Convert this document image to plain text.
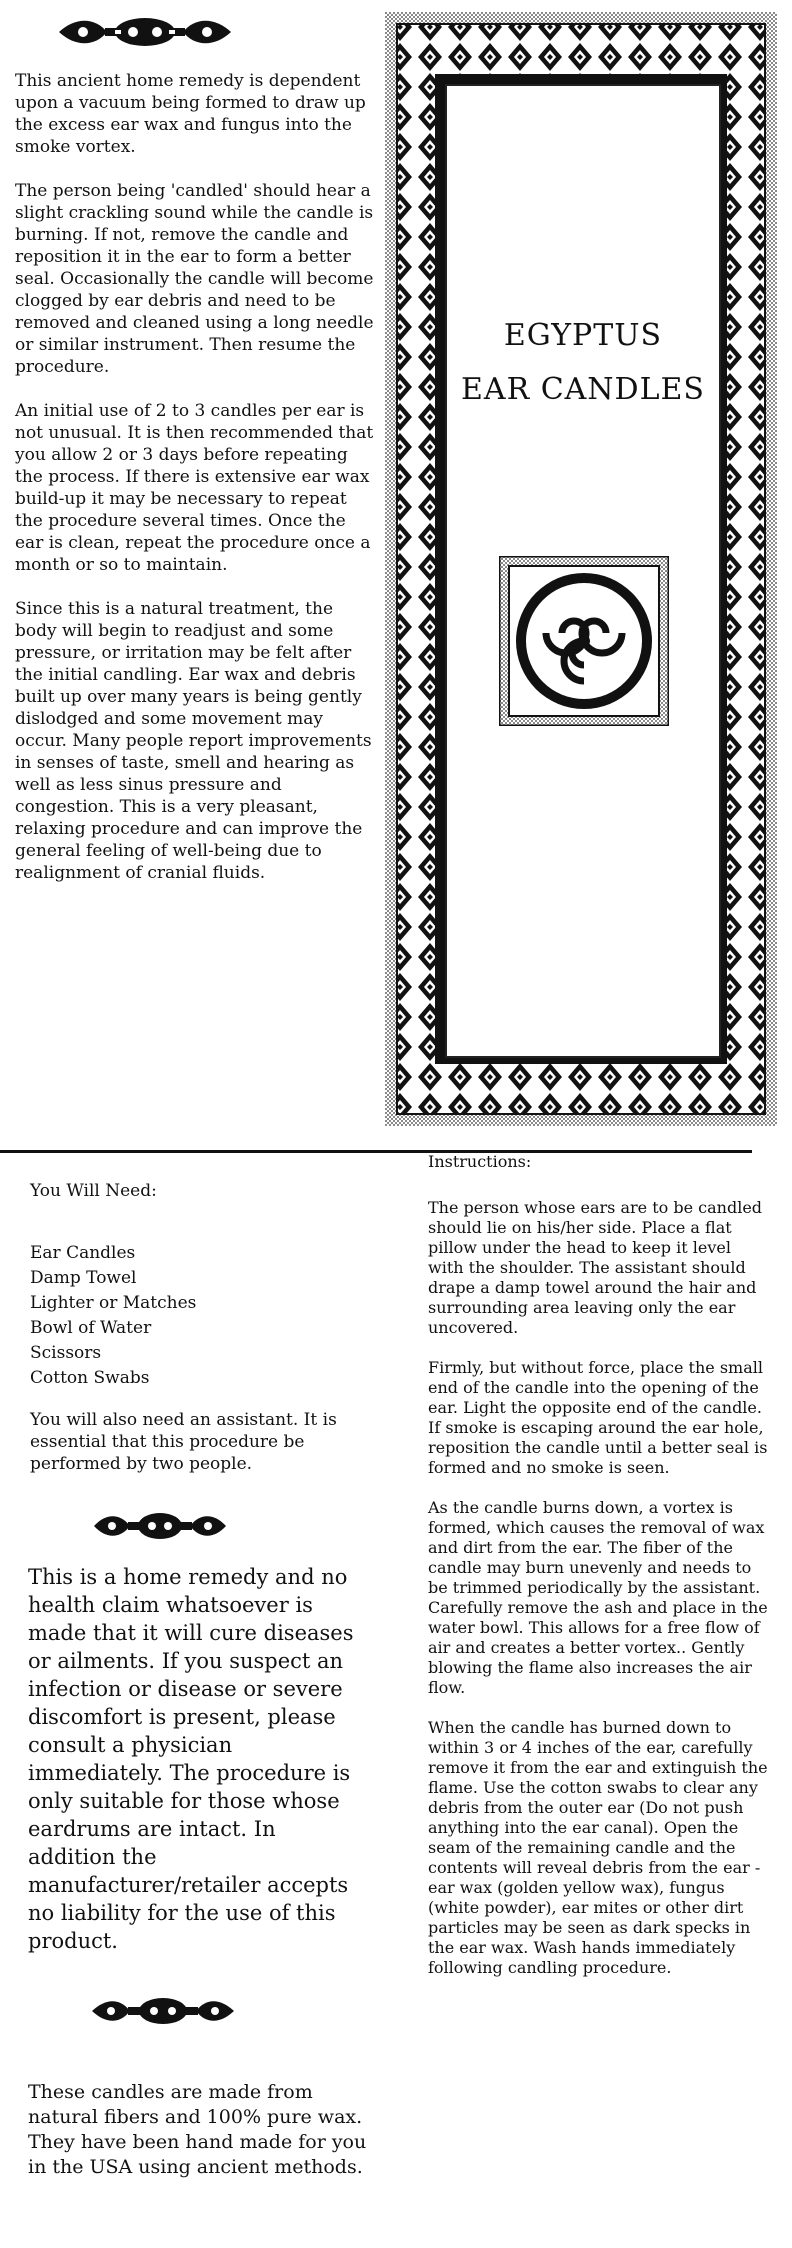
This ancient home remedy is dependent upon a vacuum being formed to draw up the excess ear wax and fungus into the smoke vortex.

The person being 'candled' should hear a slight crackling sound while the candle is burning. If not, remove the candle and reposition it in the ear to form a better seal. Occasionally the candle will become clogged by ear debris and need to be removed and cleaned using a long needle or similar instrument. Then resume the procedure.

An initial use of 2 to 3 candles per ear is not unusual. It is then recommended that you allow 2 or 3 days before repeating the process. If there is extensive ear wax build-up it may be necessary to repeat the procedure several times. Once the ear is clean, repeat the procedure once a month or so to maintain.

Since this is a natural treatment, the body will begin to readjust and some pressure, or irritation may be felt after the initial candling. Ear wax and debris built up over many years is being gently dislodged and some movement may occur. Many people report improvements in senses of taste, smell and hearing as well as less sinus pressure and congestion. This is a very pleasant, relaxing procedure and can improve the general feeling of well-being due to realignment of cranial fluids.

EGYPTUS
EAR CANDLES

You Will Need:

Ear Candles
Damp Towel
Lighter or Matches
Bowl of Water
Scissors
Cotton Swabs

You will also need an assistant. It is essential that this procedure be performed by two people.

This is a home remedy and no health claim whatsoever is made that it will cure diseases or ailments. If you suspect an infection or disease or severe discomfort is present, please consult a physician immediately. The procedure is only suitable for those whose eardrums are intact. In addition the manufacturer/retailer accepts no liability for the use of this product.

These candles are made from natural fibers and 100% pure wax. They have been hand made for you in the USA using ancient methods.

Instructions:

The person whose ears are to be candled should lie on his/her side. Place a flat pillow under the head to keep it level with the shoulder. The assistant should drape a damp towel around the hair and surrounding area leaving only the ear uncovered.

Firmly, but without force, place the small end of the candle into the opening of the ear. Light the opposite end of the candle. If smoke is escaping around the ear hole, reposition the candle until a better seal is formed and no smoke is seen.

As the candle burns down, a vortex is formed, which causes the removal of wax and dirt from the ear. The fiber of the candle may burn unevenly and needs to be trimmed periodically by the assistant. Carefully remove the ash and place in the water bowl. This allows for a free flow of air and creates a better vortex.. Gently blowing the flame also increases the air flow.

When the candle has burned down to within 3 or 4 inches of the ear, carefully remove it from the ear and extinguish the flame. Use the cotton swabs to clear any debris from the outer ear (Do not push anything into the ear canal). Open the seam of the remaining candle and the contents will reveal debris from the ear - ear wax (golden yellow wax), fungus (white powder), ear mites or other dirt particles may be seen as dark specks in the ear wax. Wash hands immediately following candling procedure.
